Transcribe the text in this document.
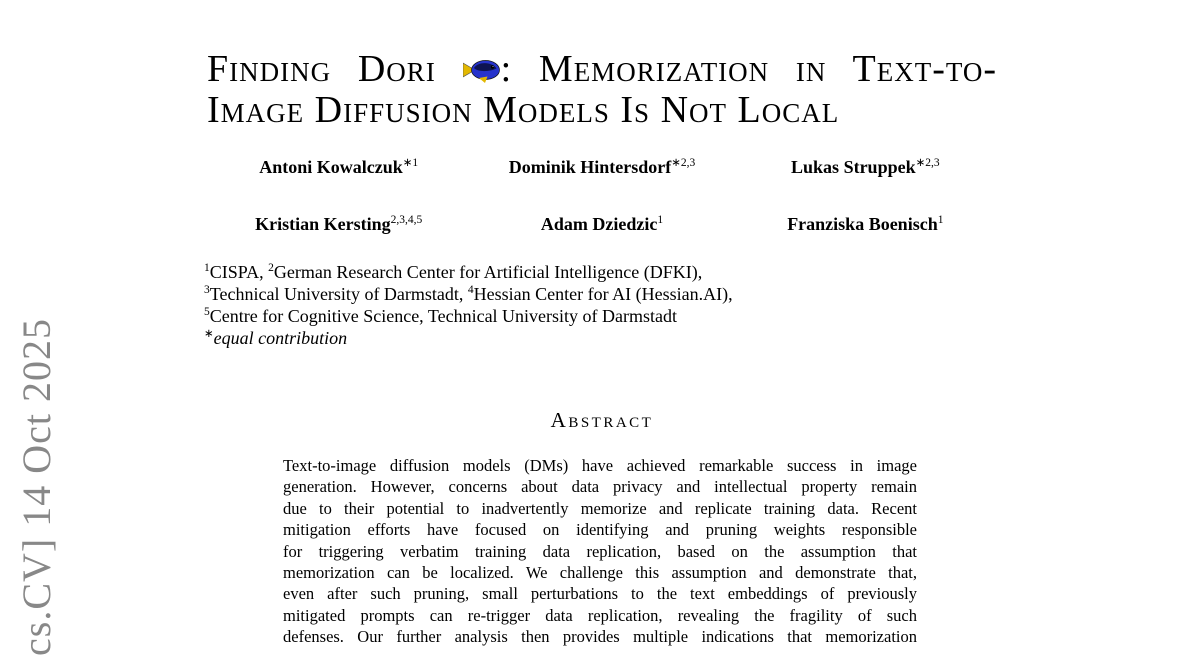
cs.CV] 14 Oct 2025
Finding Dori : Memorization in Text-to-
Image Diffusion Models Is Not Local
Antoni Kowalczuk$^{∗1}$	Dominik Hintersdorf$^{∗2,3}$	Lukas Struppek$^{∗2,3}$
Kristian Kersting$^{2,3,4,5}$	Adam Dziedzic$^1$	Franziska Boenisch$^1$
$^1$CISPA, $^2$German Research Center for Artificial Intelligence (DFKI),
$^3$Technical University of Darmstadt, $^4$Hessian Center for AI (Hessian.AI),
$^5$Centre for Cognitive Science, Technical University of Darmstadt
∗equal contribution
Abstract
Text-to-image diffusion models (DMs) have achieved remarkable success in image
generation. However, concerns about data privacy and intellectual property remain
due to their potential to inadvertently memorize and replicate training data. Recent
mitigation efforts have focused on identifying and pruning weights responsible
for triggering verbatim training data replication, based on the assumption that
memorization can be localized. We challenge this assumption and demonstrate that,
even after such pruning, small perturbations to the text embeddings of previously
mitigated prompts can re-trigger data replication, revealing the fragility of such
defenses. Our further analysis then provides multiple indications that memorization
